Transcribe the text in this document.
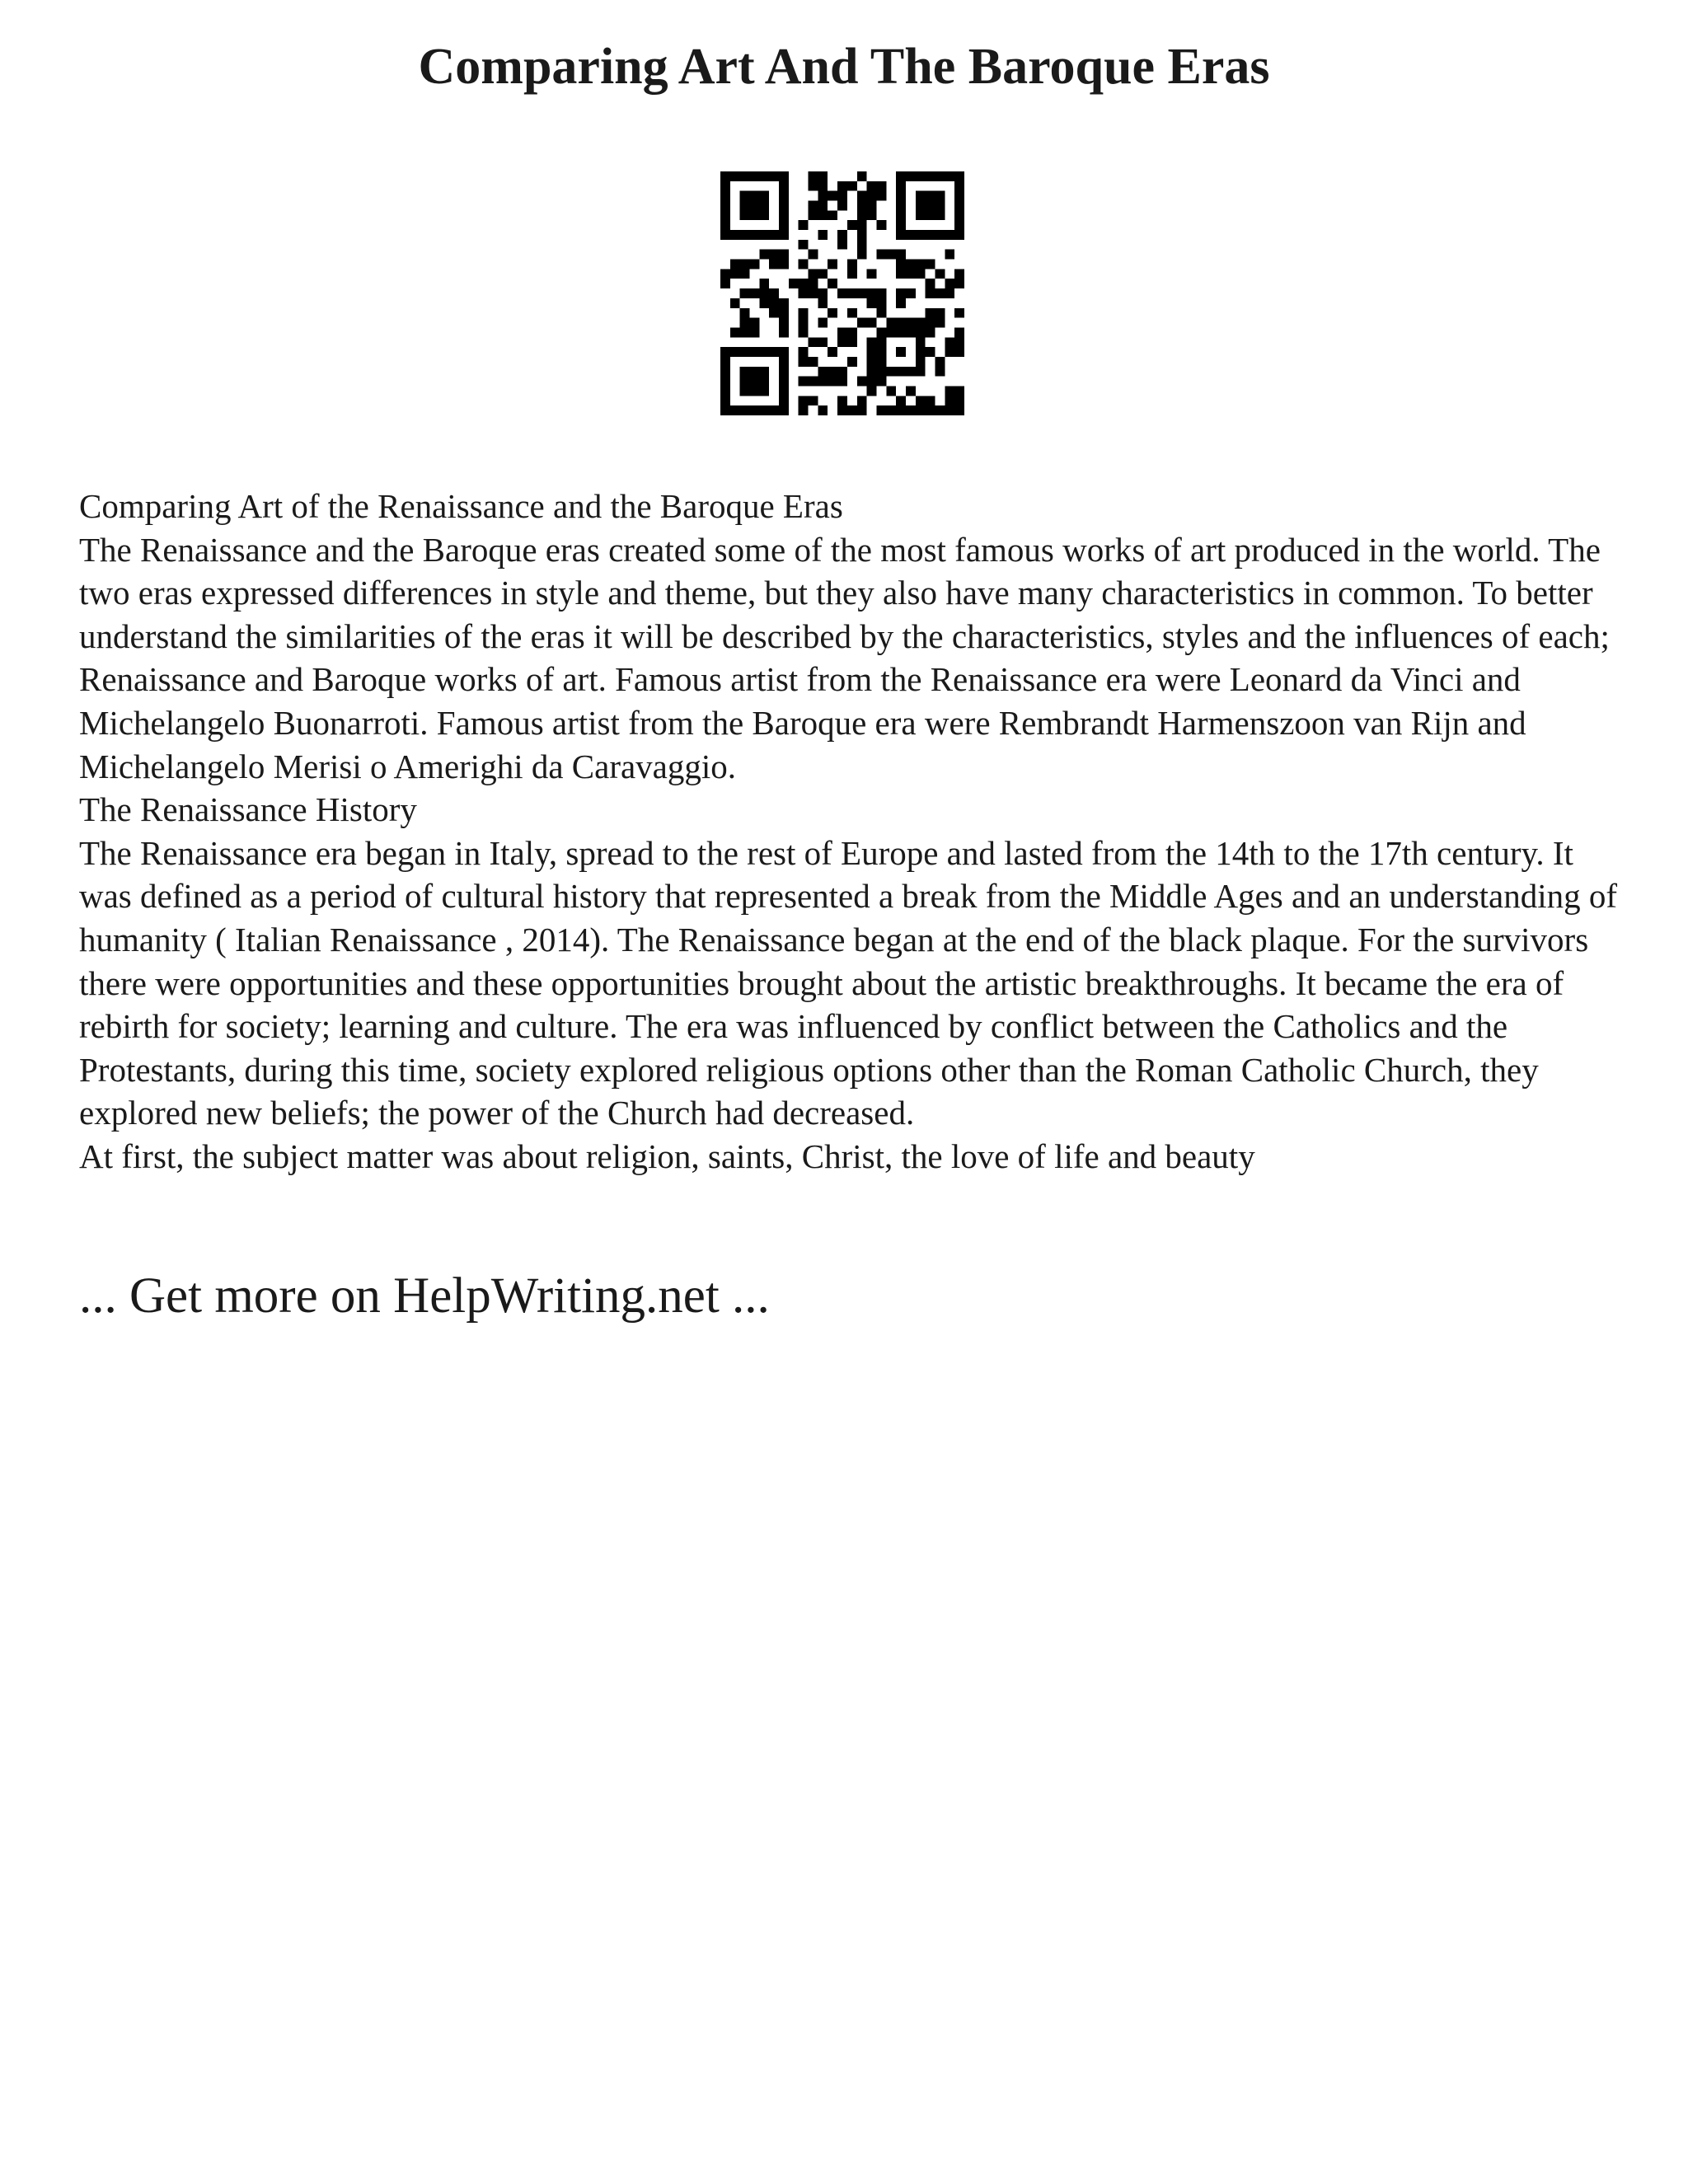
Comparing Art And The Baroque Eras

Comparing Art of the Renaissance and the Baroque Eras

The Renaissance and the Baroque eras created some of the most famous works of art produced in the world. The two eras expressed differences in style and theme, but they also have many characteristics in common. To better understand the similarities of the eras it will be described by the characteristics, styles and the influences of each; Renaissance and Baroque works of art. Famous artist from the Renaissance era were Leonard da Vinci and Michelangelo Buonarroti. Famous artist from the Baroque era were Rembrandt Harmenszoon van Rijn and Michelangelo Merisi o Amerighi da Caravaggio.

The Renaissance History

The Renaissance era began in Italy, spread to the rest of Europe and lasted from the 14th to the 17th century. It was defined as a period of cultural history that represented a break from the Middle Ages and an understanding of humanity ( Italian Renaissance , 2014). The Renaissance began at the end of the black plaque. For the survivors there were opportunities and these opportunities brought about the artistic breakthroughs. It became the era of rebirth for society; learning and culture. The era was influenced by conflict between the Catholics and the Protestants, during this time, society explored religious options other than the Roman Catholic Church, they explored new beliefs; the power of the Church had decreased.

At first, the subject matter was about religion, saints, Christ, the love of life and beauty

... Get more on HelpWriting.net ...
